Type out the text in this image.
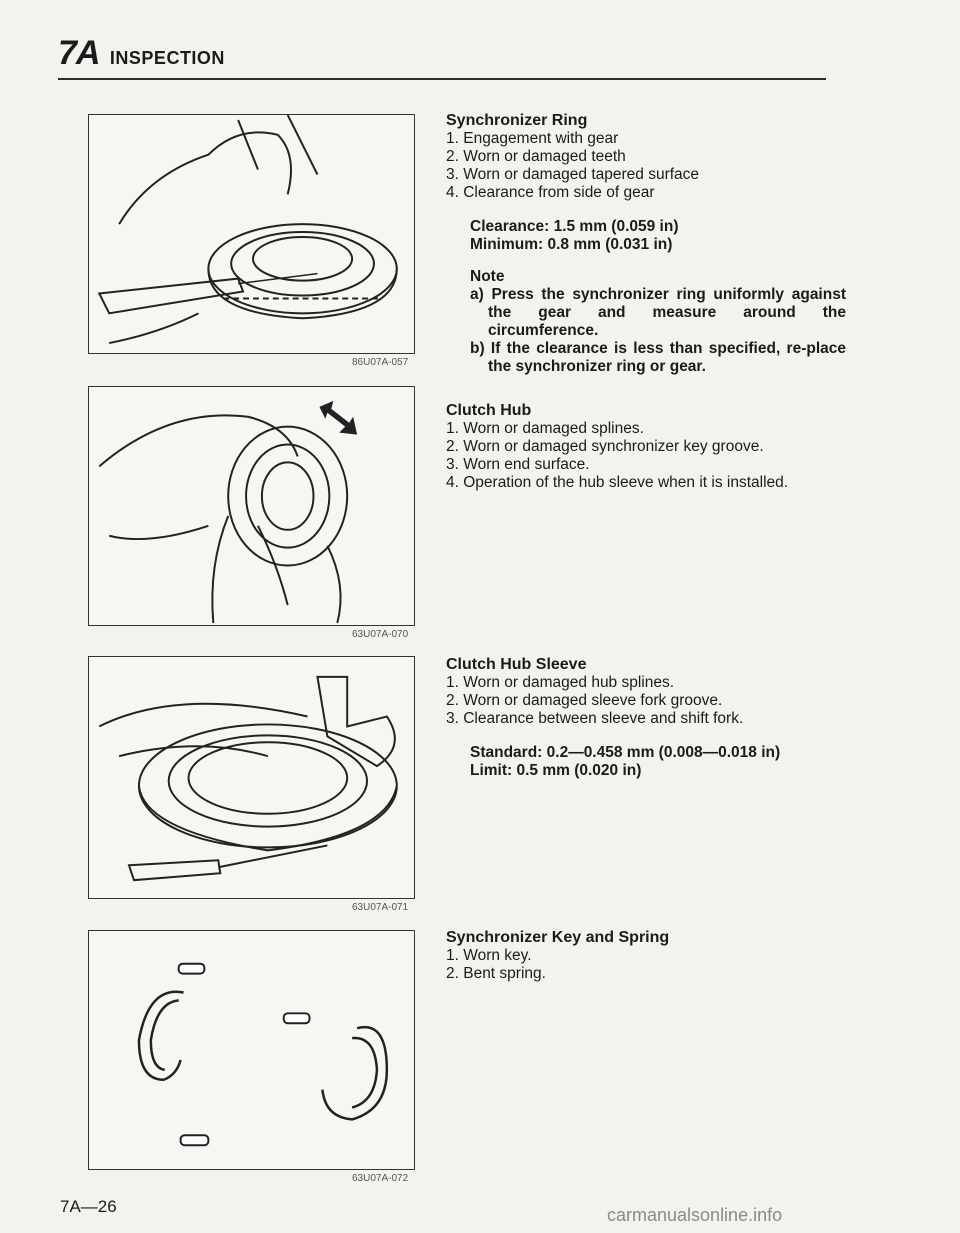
7A INSPECTION
86U07A-057
63U07A-070
63U07A-071
63U07A-072
Synchronizer Ring
1. Engagement with gear
2. Worn or damaged teeth
3. Worn or damaged tapered surface
4. Clearance from side of gear
Clearance: 1.5 mm (0.059 in)
Minimum: 0.8 mm (0.031 in)
Note
a) Press the synchronizer ring uniformly against the gear and measure around the circumference.
b) If the clearance is less than specified, re-place the synchronizer ring or gear.
Clutch Hub
1. Worn or damaged splines.
2. Worn or damaged synchronizer key groove.
3. Worn end surface.
4. Operation of the hub sleeve when it is installed.
Clutch Hub Sleeve
1. Worn or damaged hub splines.
2. Worn or damaged sleeve fork groove.
3. Clearance between sleeve and shift fork.
Standard: 0.2—0.458 mm (0.008—0.018 in)
Limit: 0.5 mm (0.020 in)
Synchronizer Key and Spring
1. Worn key.
2. Bent spring.
7A—26	carmanualsonline.info
